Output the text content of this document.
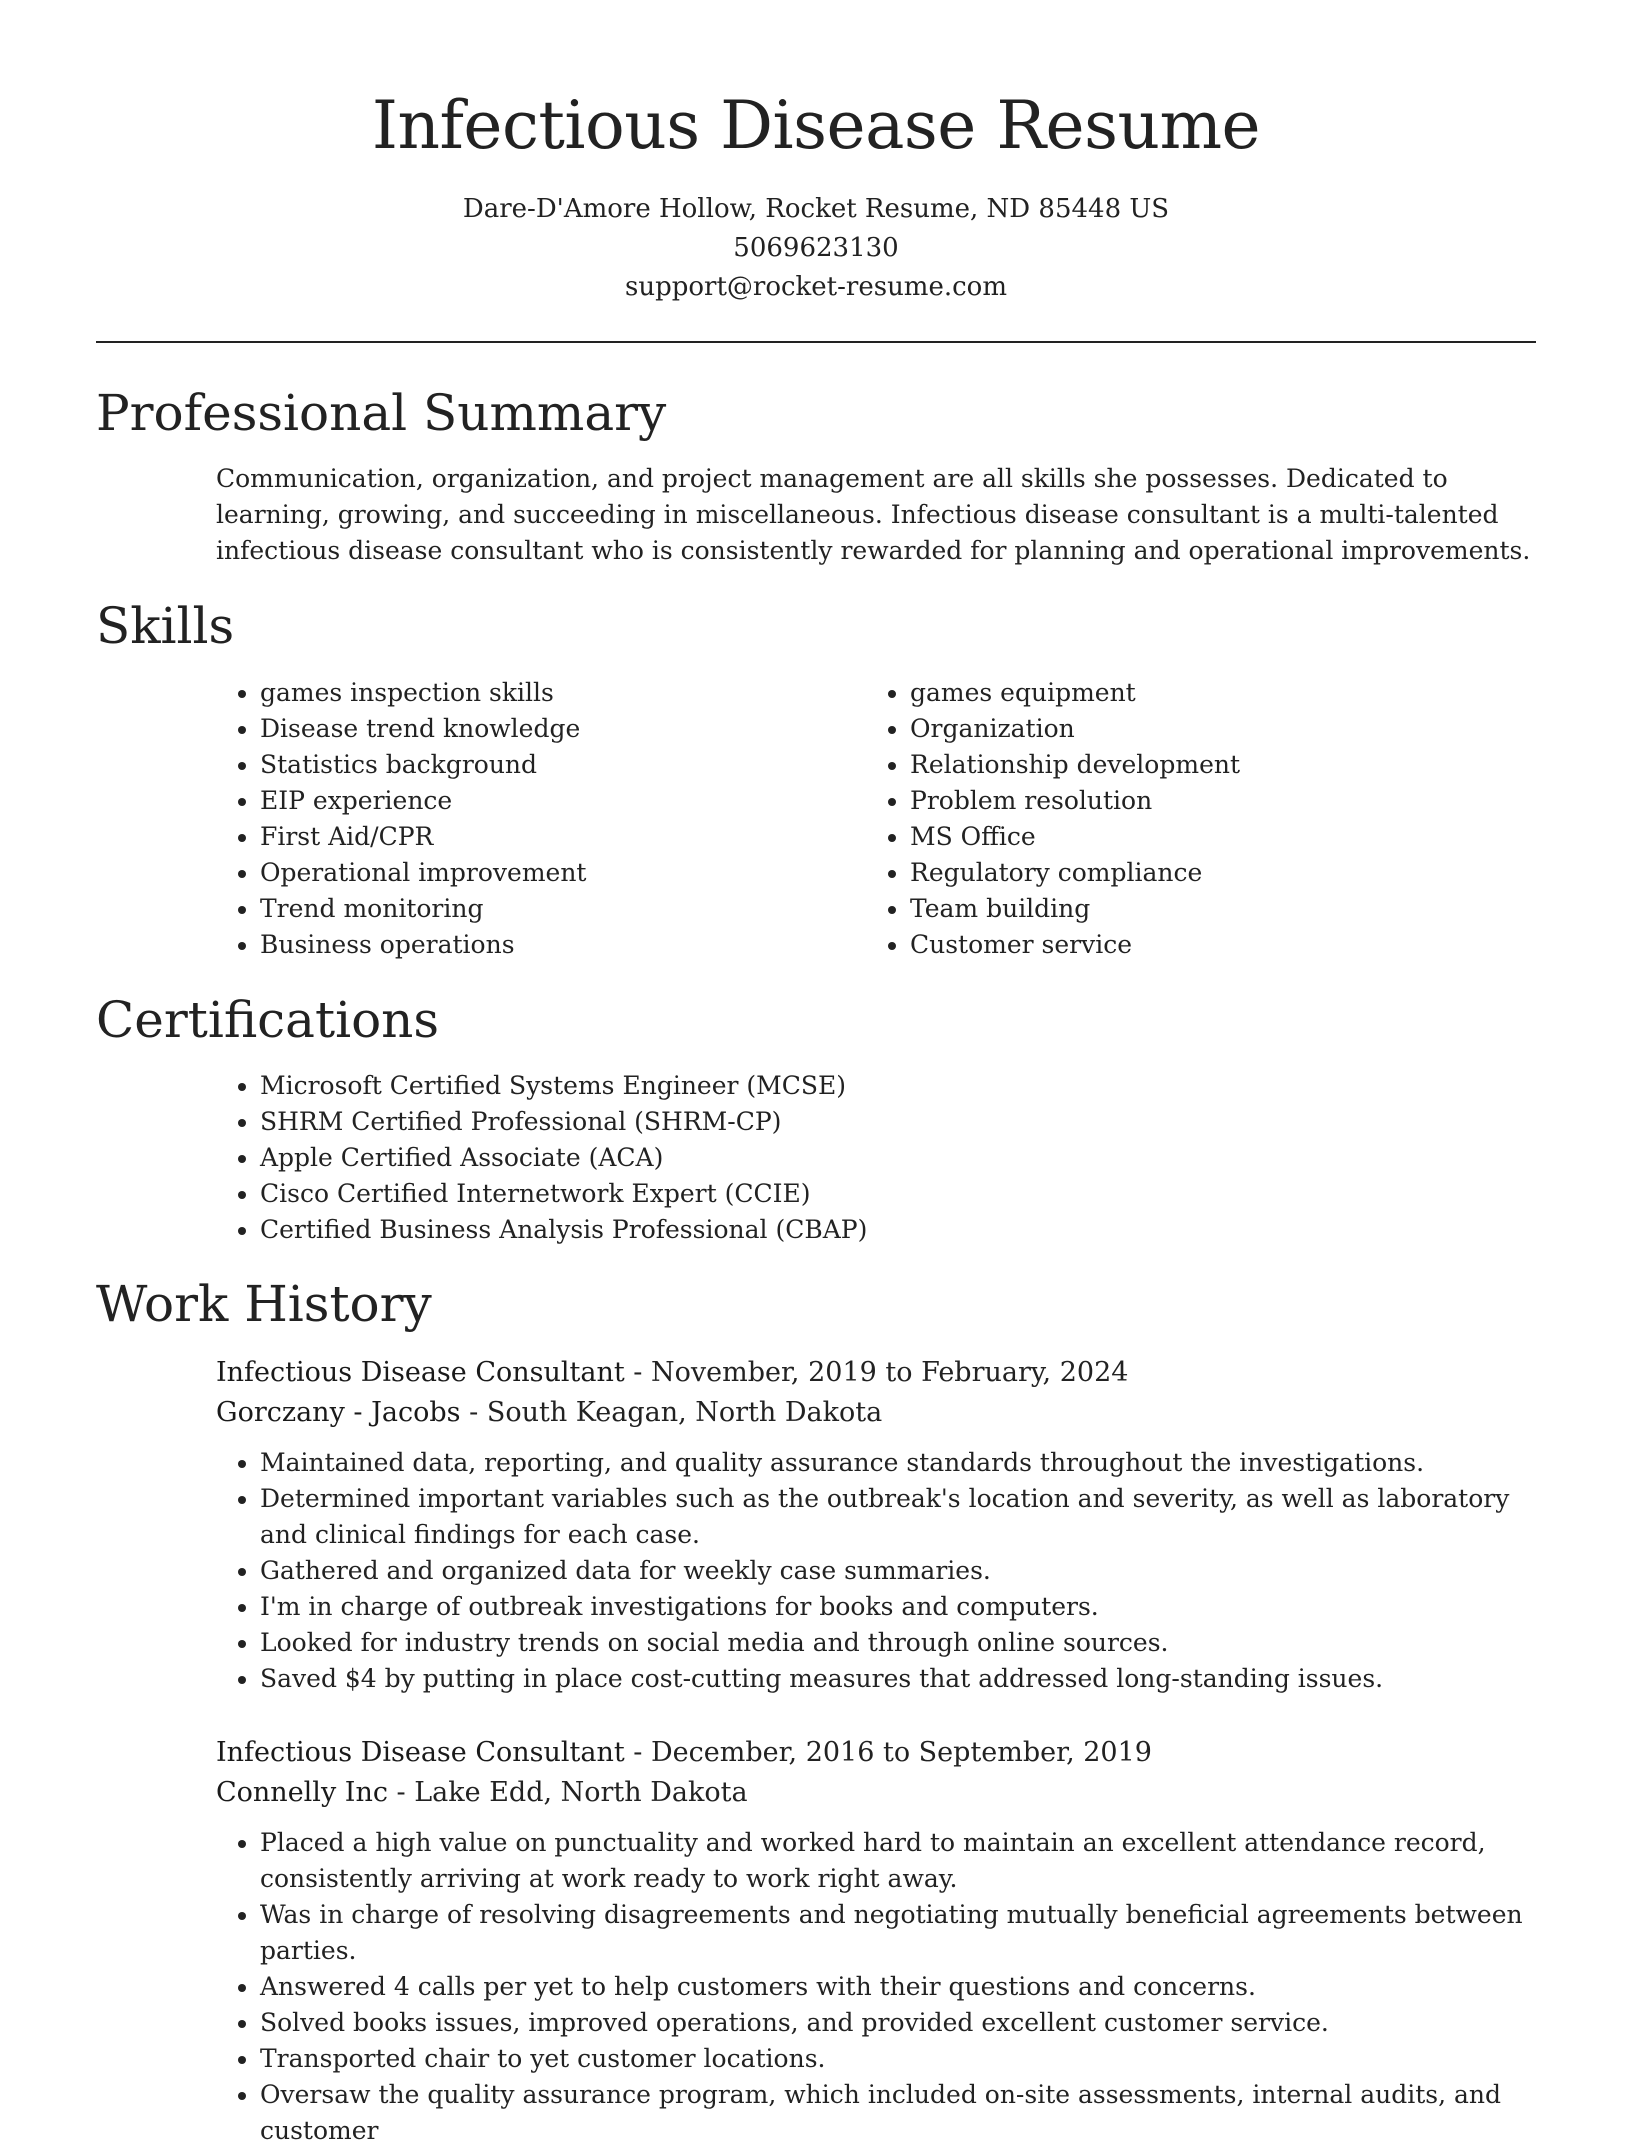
Infectious Disease Resume

Dare-D'Amore Hollow, Rocket Resume, ND 85448 US

5069623130

support@rocket-resume.com

Professional Summary

Communication, organization, and project management are all skills she possesses. Dedicated to learning, growing, and succeeding in miscellaneous. Infectious disease consultant is a multi-talented infectious disease consultant who is consistently rewarded for planning and operational improvements.

Skills
• games inspection skills
• Disease trend knowledge
• Statistics background
• EIP experience
• First Aid/CPR
• Operational improvement
• Trend monitoring
• Business operations
• games equipment
• Organization
• Relationship development
• Problem resolution
• MS Office
• Regulatory compliance
• Team building
• Customer service
Certifications
• Microsoft Certified Systems Engineer (MCSE)
• SHRM Certified Professional (SHRM-CP)
• Apple Certified Associate (ACA)
• Cisco Certified Internetwork Expert (CCIE)
• Certified Business Analysis Professional (CBAP)
Work History

Infectious Disease Consultant - November, 2019 to February, 2024

Gorczany - Jacobs - South Keagan, North Dakota

• Maintained data, reporting, and quality assurance standards throughout the investigations.
• Determined important variables such as the outbreak's location and severity, as well as laboratory and clinical findings for each case.
• Gathered and organized data for weekly case summaries.
• I'm in charge of outbreak investigations for books and computers.
• Looked for industry trends on social media and through online sources.
• Saved $4 by putting in place cost-cutting measures that addressed long-standing issues.

Infectious Disease Consultant - December, 2016 to September, 2019

Connelly Inc - Lake Edd, North Dakota

• Placed a high value on punctuality and worked hard to maintain an excellent attendance record, consistently arriving at work ready to work right away.
• Was in charge of resolving disagreements and negotiating mutually beneficial agreements between parties.
• Answered 4 calls per yet to help customers with their questions and concerns.
• Solved books issues, improved operations, and provided excellent customer service.
• Transported chair to yet customer locations.
• Oversaw the quality assurance program, which included on-site assessments, internal audits, and customer
